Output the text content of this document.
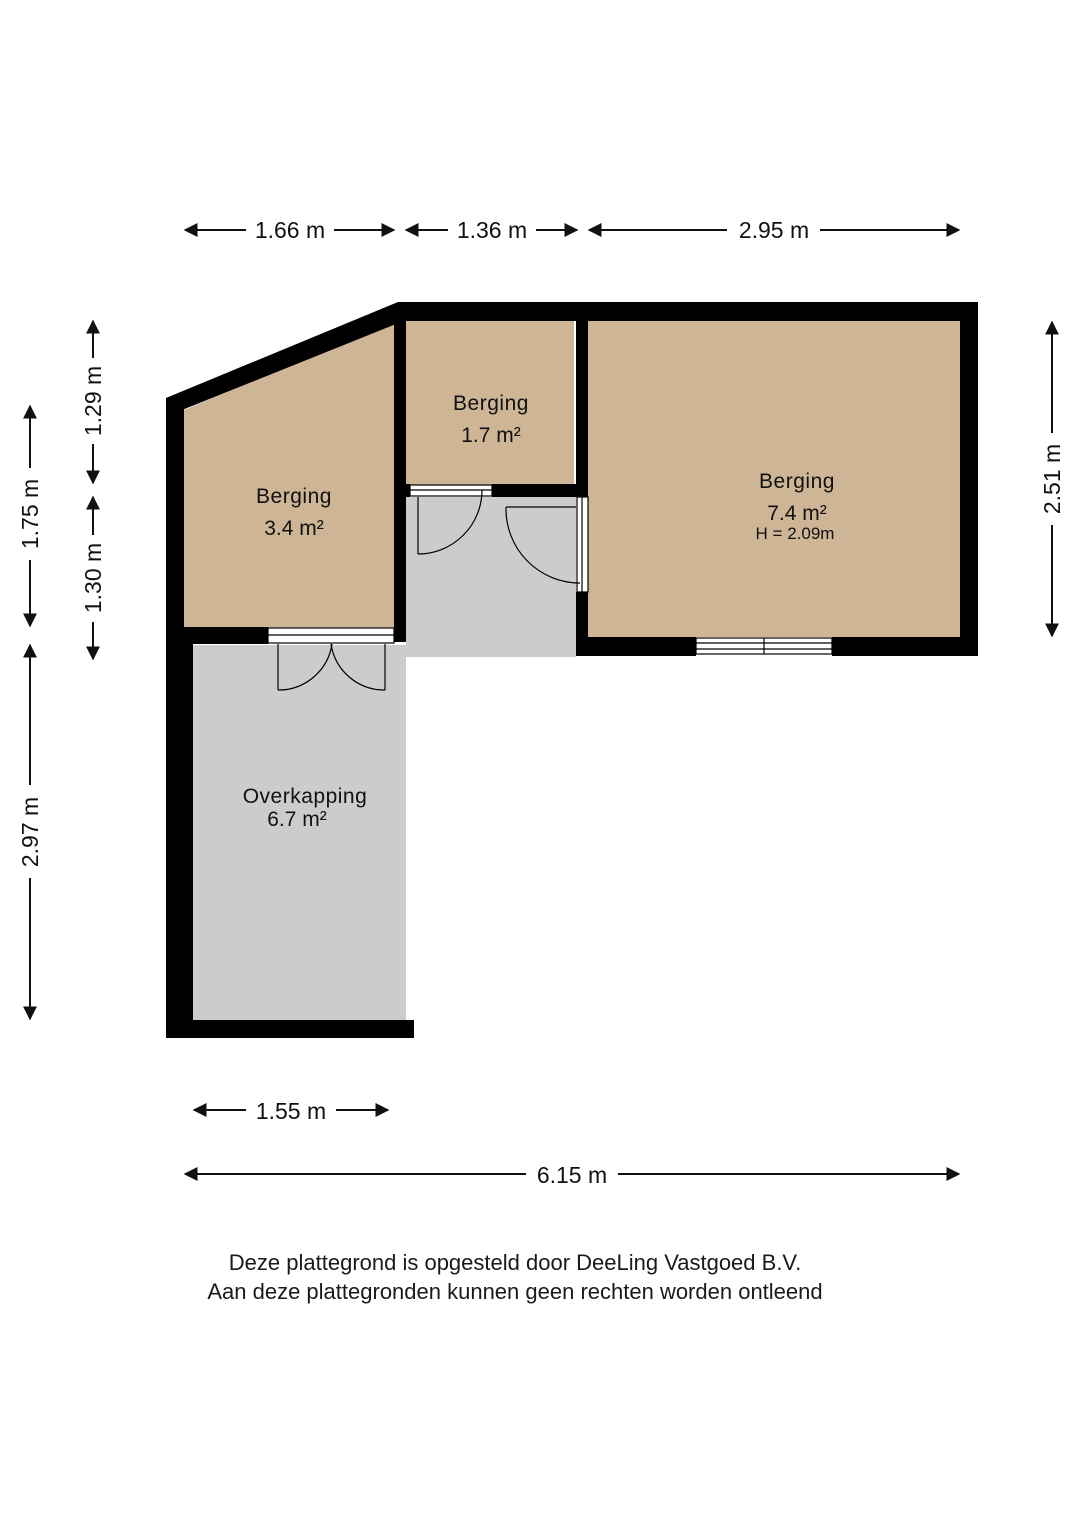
1.66 m	1.36 m	2.95 m
1.75 m
2.97 m
1.29 m
1.30 m
2.51 m
1.55 m
6.15 m
Berging
3.4 m²
Berging
1.7 m²
Berging
7.4 m²
H = 2.09m
Overkapping
6.7 m²
Deze plattegrond is opgesteld door DeeLing Vastgoed B.V.
Aan deze plattegronden kunnen geen rechten worden ontleend
